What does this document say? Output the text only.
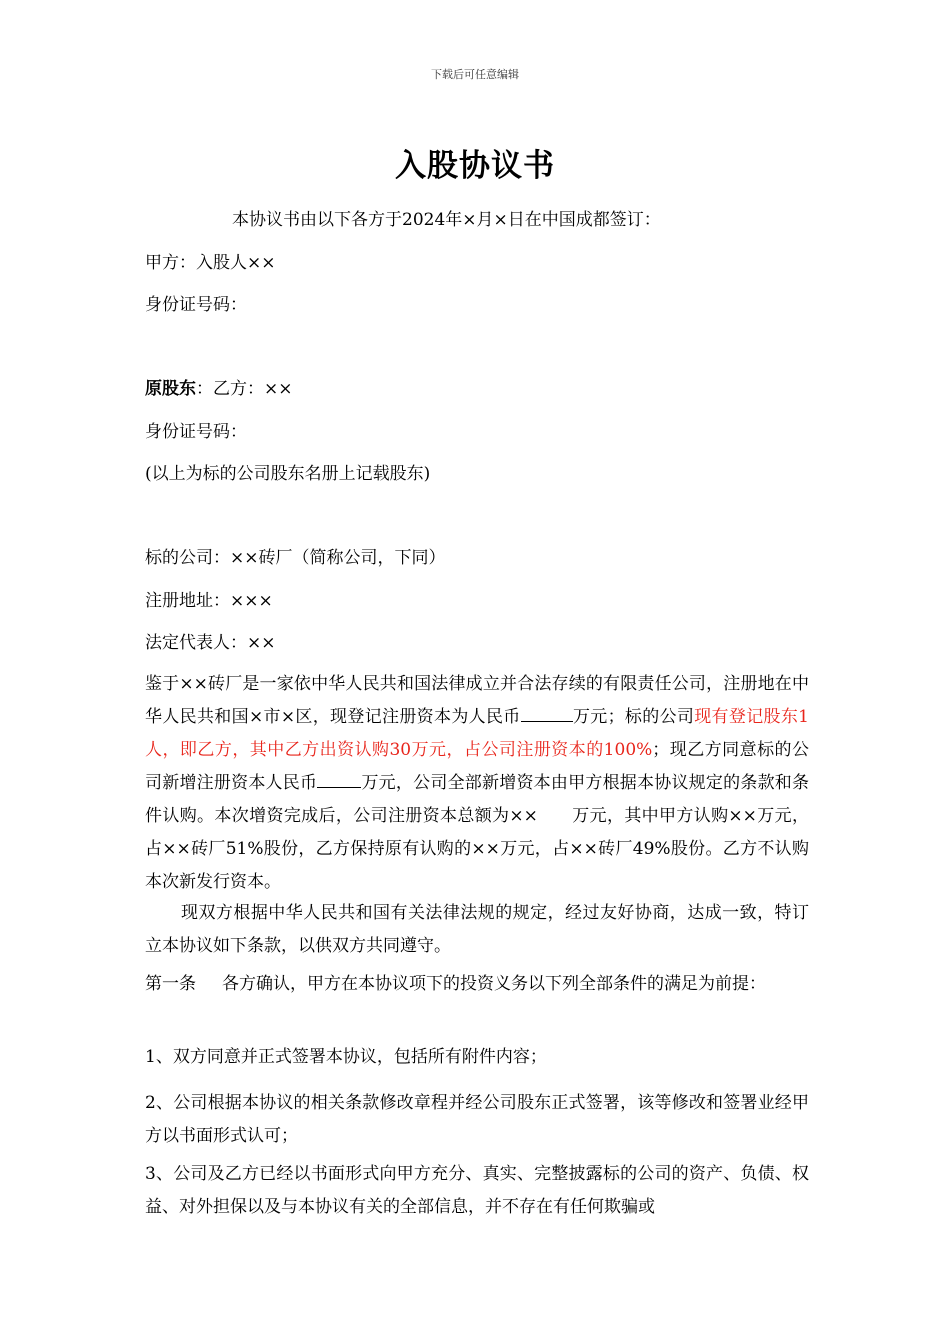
下载后可任意编辑
入股协议书
本协议书由以下各方于2024年×月×日在中国成都签订：
甲方：入股人××
身份证号码：
原股东：乙方：××
身份证号码：
(以上为标的公司股东名册上记载股东)
标的公司：××砖厂（简称公司，下同）
注册地址：×××
法定代表人：××
鉴于××砖厂是一家依中华人民共和国法律成立并合法存续的有限责任公司，注册地在中华人民共和国×市×区，现登记注册资本为人民币	万元；标的公司现有登记股东1人，即乙方，其中乙方出资认购30万元，占公司注册资本的100%；现乙方同意标的公司新增注册资本人民币	万元，公司全部新增资本由甲方根据本协议规定的条款和条件认购。本次增资完成后，公司注册资本总额为×× 万元，其中甲方认购××万元，占××砖厂51%股份，乙方保持原有认购的××万元，占××砖厂49%股份。乙方不认购本次新发行资本。
现双方根据中华人民共和国有关法律法规的规定，经过友好协商，达成一致，特订立本协议如下条款，以供双方共同遵守。
第一条 各方确认，甲方在本协议项下的投资义务以下列全部条件的满足为前提：
1、双方同意并正式签署本协议，包括所有附件内容；
2、公司根据本协议的相关条款修改章程并经公司股东正式签署，该等修改和签署业经甲方以书面形式认可；
3、公司及乙方已经以书面形式向甲方充分、真实、完整披露标的公司的资产、负债、权益、对外担保以及与本协议有关的全部信息，并不存在有任何欺骗或
